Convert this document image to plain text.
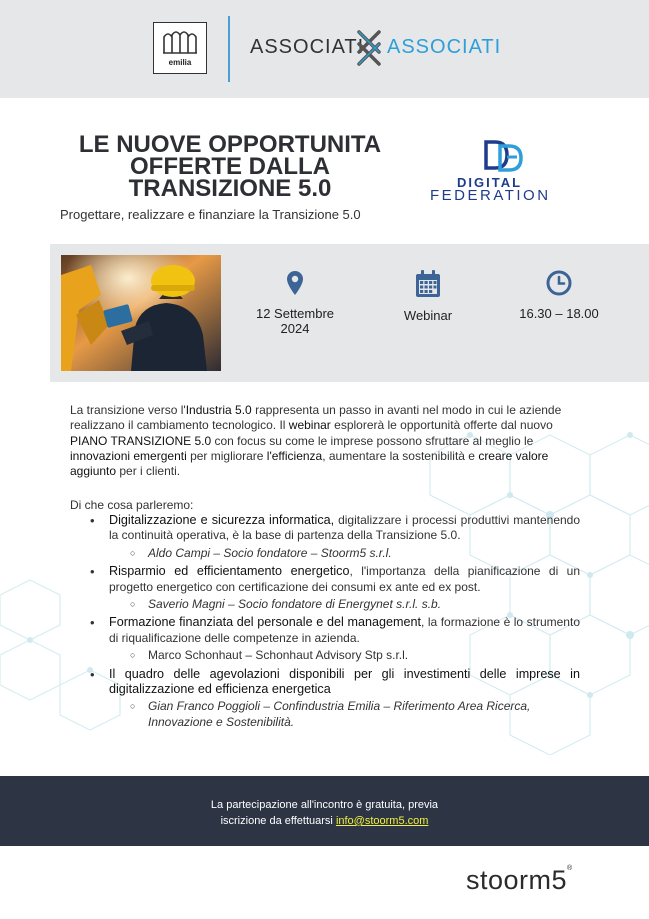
emilia
ASSOCIATI ASSOCIATI
LE NUOVE OPPORTUNITA
OFFERTE DALLA
TRANSIZIONE 5.0
Progettare, realizzare e finanziare la Transizione 5.0
DIGITAL
FEDERATION
12 Settembre
2024
Webinar	16.30 – 18.00

La transizione verso l'Industria 5.0 rappresenta un passo in avanti nel modo in cui le aziende realizzano il cambiamento tecnologico. Il webinar esplorerà le opportunità offerte dal nuovo PIANO TRANSIZIONE 5.0 con focus su come le imprese possono sfruttare al meglio le innovazioni emergenti per migliorare l'efficienza, aumentare la sostenibilità e creare valore aggiunto per i clienti.

Di che cosa parleremo:

• Digitalizzazione e sicurezza informatica, digitalizzare i processi produttivi mantenendo la continuità operativa, è la base di partenza della Transizione 5.0.

○ Aldo Campi – Socio fondatore – Stoorm5 s.r.l.

• Risparmio ed efficientamento energetico, l'importanza della pianificazione di un progetto energetico con certificazione dei consumi ex ante ed ex post.

○ Saverio Magni – Socio fondatore di Energynet s.r.l. s.b.

• Formazione finanziata del personale e del management, la formazione è lo strumento di riqualificazione delle competenze in azienda.

○ Marco Schonhaut – Schonhaut Advisory Stp s.r.l.

• Il quadro delle agevolazioni disponibili per gli investimenti delle imprese in digitalizzazione ed efficienza energetica

○ Gian Franco Poggioli – Confindustria Emilia – Riferimento Area Ricerca, Innovazione e Sostenibilità.

La partecipazione all'incontro è gratuita, previa
iscrizione da effettuarsi info@stoorm5.com
stoorm5®
